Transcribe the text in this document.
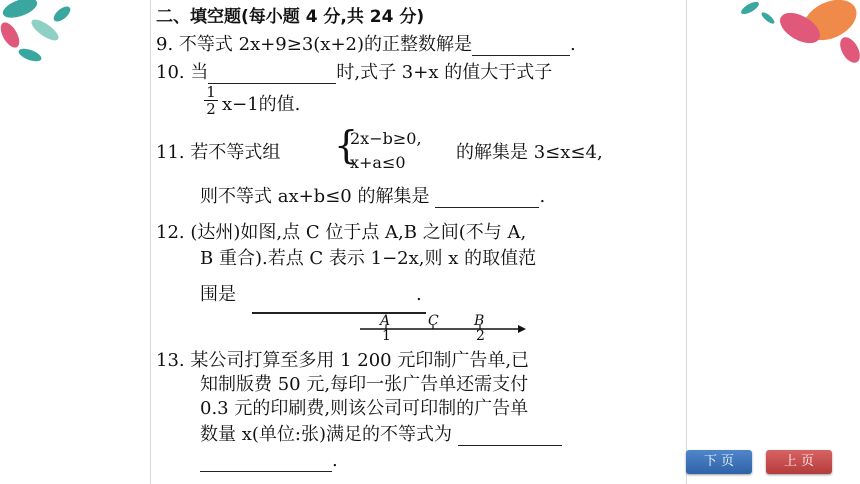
二、填空题(每小题 4 分,共 24 分)
9. 不等式 2x+9≥3(x+2)的正整数解是	.
10. 当	时,式子 3+x 的值大于式子
$\frac{1}{2} x-1$的值.
11. 若不等式组 {
2x−b≥0,
x+a≤0	的解集是 3≤x≤4,
则不等式 ax+b≤0 的解集是	.
12. (达州)如图,点 C 位于点 A,B 之间(不与 A,
B 重合).若点 C 表示 1−2x,则 x 的取值范
围是	.
A	C	B
1	2
13. 某公司打算至多用 1 200 元印制广告单,已
知制版费 50 元,每印一张广告单还需支付
0.3 元的印刷费,则该公司可印制的广告单
数量 x(单位:张)满足的不等式为
.	下 页	上 页
